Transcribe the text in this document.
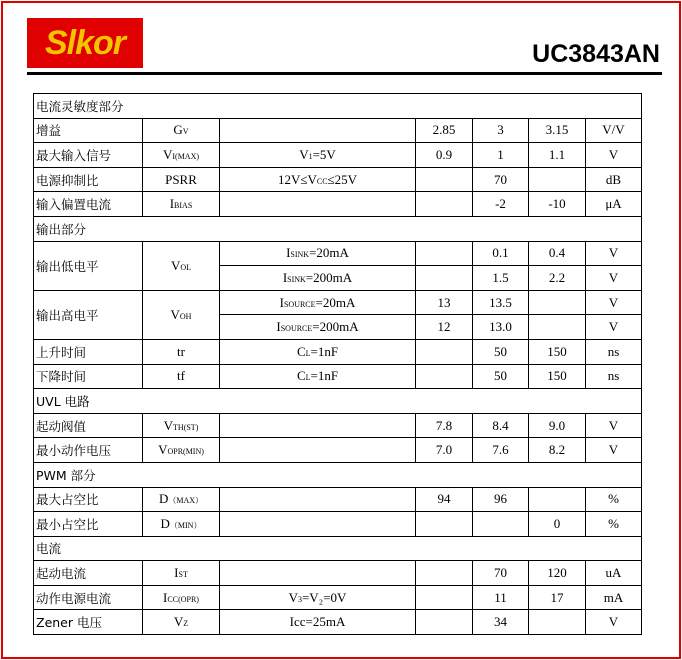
Slkor	UC3843AN
电流灵敏度部分						
增益	GV		2.85	3	3.15	V/V
最大输入信号	VI(MAX)	V1=5V	0.9	1	1.1	V
电源抑制比	PSRR	12V≤VCC≤25V		70		dB
输入偏置电流	IBIAS			-2	-10	μA
输出部分						
输出低电平	VOL	ISINK=20mA		0.1	0.4	V
		ISINK=200mA		1.5	2.2	V
输出高电平	VOH	ISOURCE=20mA	13	13.5		V
		ISOURCE=200mA	12	13.0		V
上升时间	tr	CL=1nF		50	150	ns
下降时间	tf	CL=1nF		50	150	ns
UVL 电路						
起动阀值	VTH(ST)		7.8	8.4	9.0	V
最小动作电压	VOPR(MIN)		7.0	7.6	8.2	V
PWM 部分						
最大占空比	D（MAX）		94	96		%
最小占空比	D（MIN）				0	%
电流						
起动电流	IST			70	120	uA
动作电源电流	ICC(OPR)	V3=V₂=0V		11	17	mA
Zener 电压	VZ	Icc=25mA		34		V
